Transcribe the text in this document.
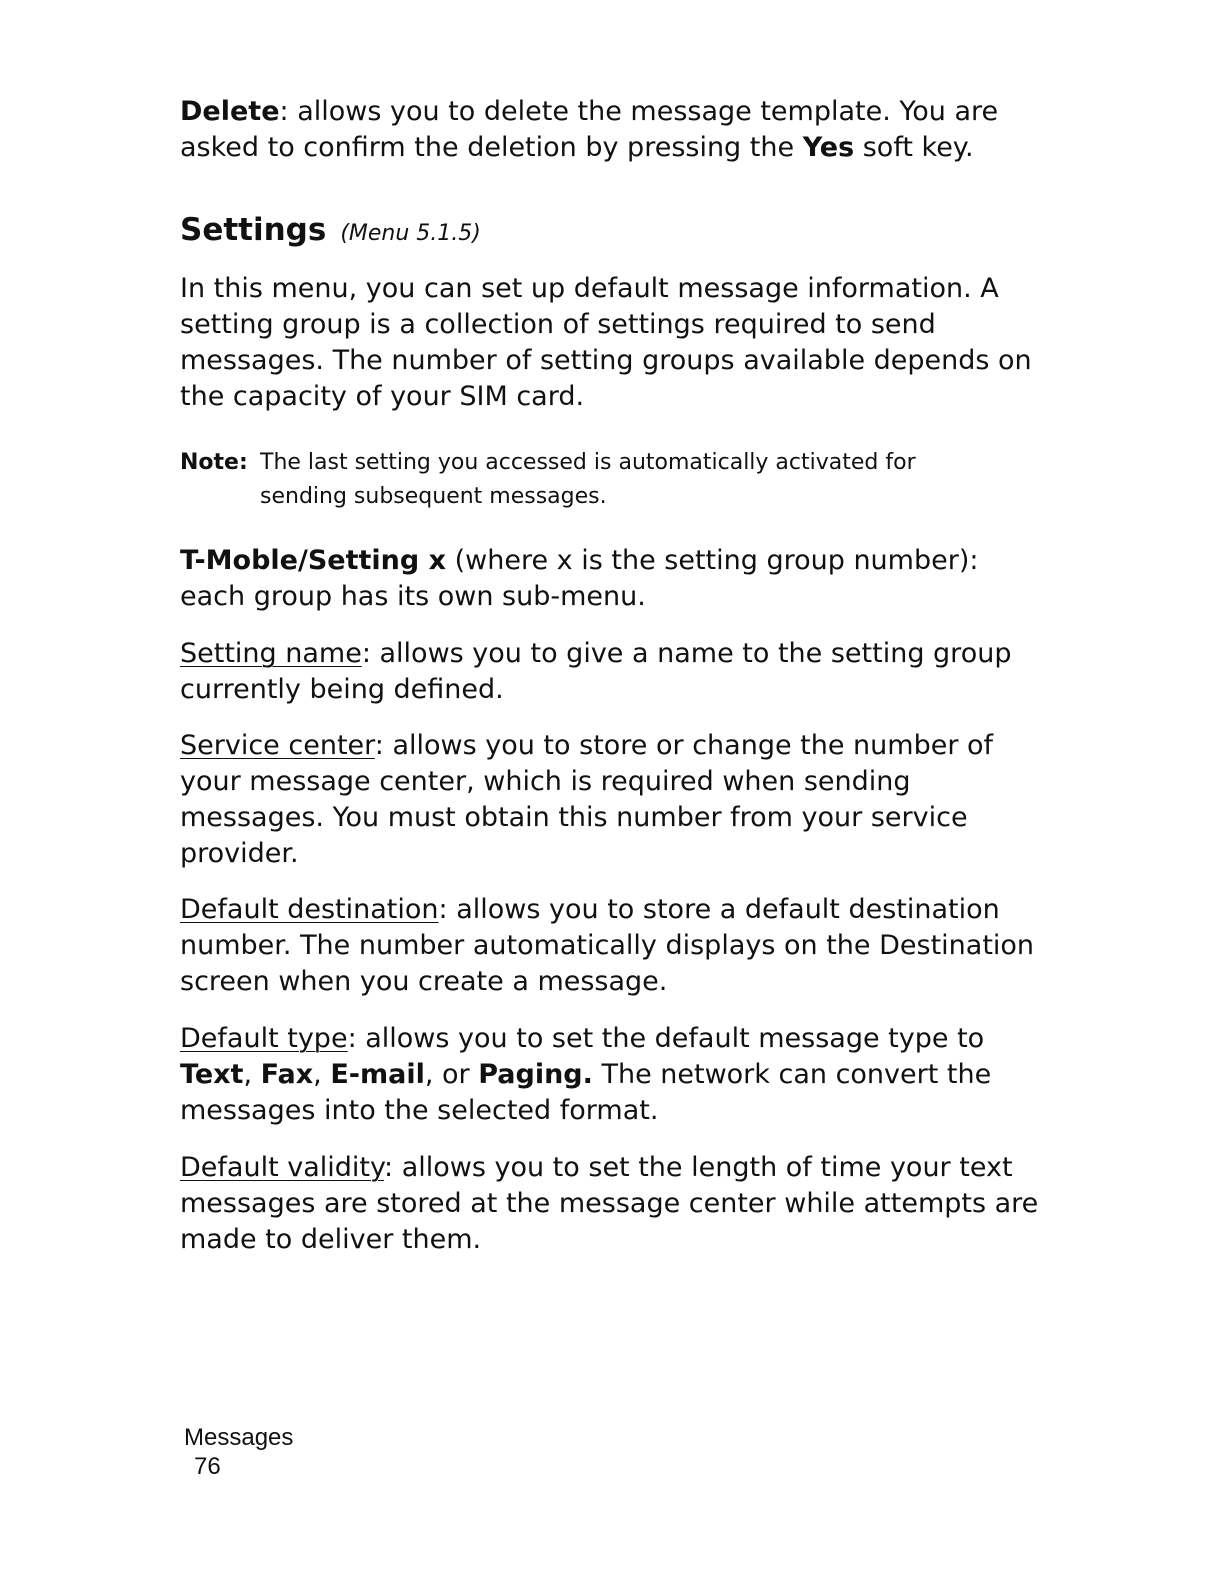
Delete: allows you to delete the message template. You are asked to confirm the deletion by pressing the Yes soft key.

Settings (Menu 5.1.5)

In this menu, you can set up default message information. A setting group is a collection of settings required to send messages. The number of setting groups available depends on the capacity of your SIM card.

Note: The last setting you accessed is automatically activated for
sending subsequent messages.

T-Moble/Setting x (where x is the setting group number): each group has its own sub-menu.

Setting name: allows you to give a name to the setting group currently being defined.

Service center: allows you to store or change the number of your message center, which is required when sending messages. You must obtain this number from your service provider.

Default destination: allows you to store a default destination number. The number automatically displays on the Destination screen when you create a message.

Default type: allows you to set the default message type to Text, Fax, E-mail, or Paging. The network can convert the messages into the selected format.

Default validity: allows you to set the length of time your text messages are stored at the message center while attempts are made to deliver them.

Messages
76
